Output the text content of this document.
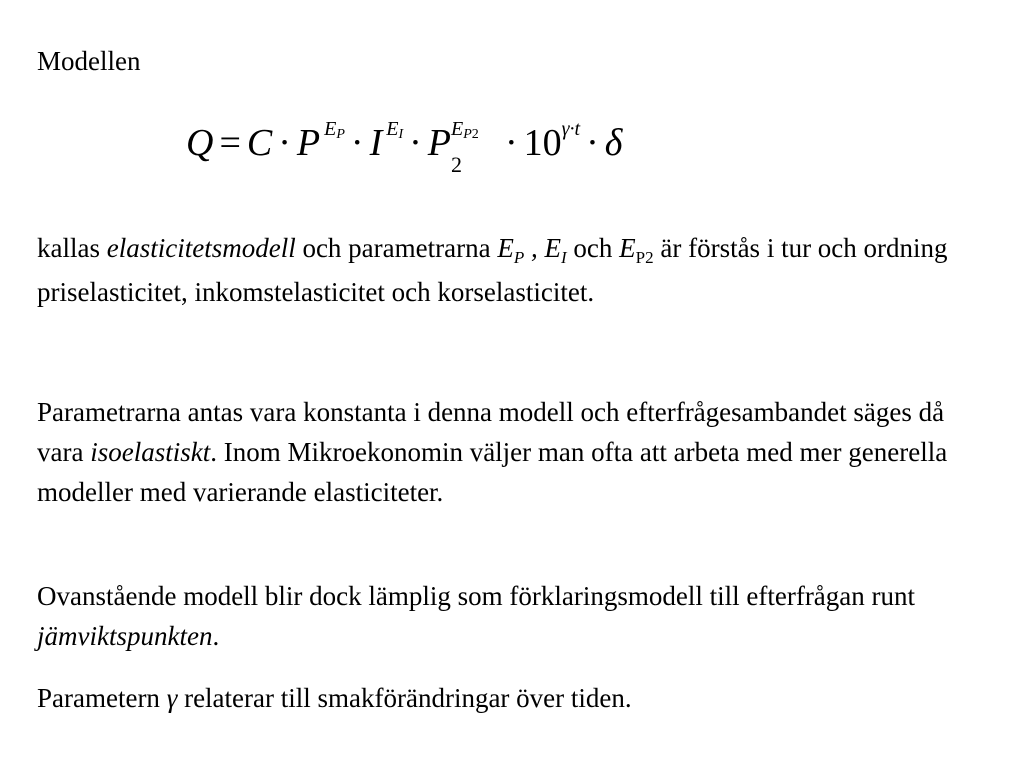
Modellen
Q = C · P  $^{EP}$ · I  $^{EI}$ · P EP2
2
· $10^{\gamma\cdot t} \cdot \delta$
kallas elasticitetsmodell och parametrarna $E_P$ , $E_I$ och $E_{P2}$ är förstås i tur och ordning priselasticitet, inkomstelasticitet och korselasticitet.
Parametrarna antas vara konstanta i denna modell och efterfrågesambandet säges då vara isoelastiskt. Inom Mikroekonomin väljer man ofta att arbeta med mer generella modeller med varierande elasticiteter.
Ovanstående modell blir dock lämplig som förklaringsmodell till efterfrågan runt jämviktspunkten.
Parametern γ relaterar till smakförändringar över tiden.
